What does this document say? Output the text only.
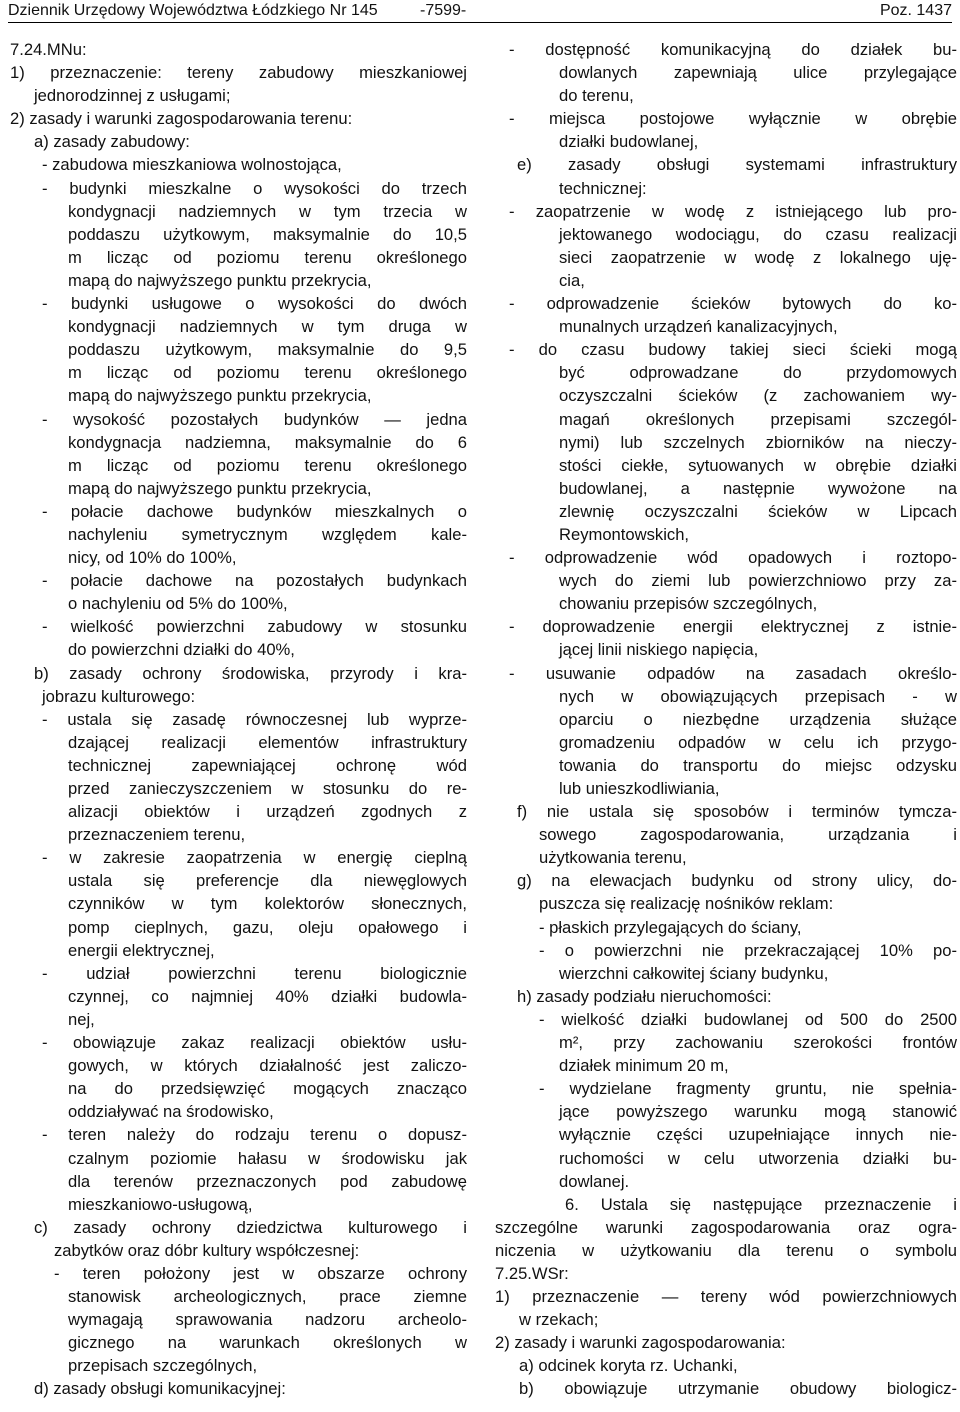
Dziennik Urzędowy Województwa Łódzkiego Nr 145	-7599-	Poz. 1437
7.24.MNu:
1) przeznaczenie: tereny zabudowy mieszkaniowej
jednorodzinnej z usługami;
2) zasady i warunki zagospodarowania terenu:
a) zasady zabudowy:
- zabudowa mieszkaniowa wolnostojąca,
- budynki mieszkalne o wysokości do trzech
kondygnacji nadziemnych w tym trzecia w
poddaszu użytkowym, maksymalnie do 10,5
m licząc od poziomu terenu określonego
mapą do najwyższego punktu przekrycia,
- budynki usługowe o wysokości do dwóch
kondygnacji nadziemnych w tym druga w
poddaszu użytkowym, maksymalnie do 9,5
m licząc od poziomu terenu określonego
mapą do najwyższego punktu przekrycia,
- wysokość pozostałych budynków — jedna
kondygnacja nadziemna, maksymalnie do 6
m licząc od poziomu terenu określonego
mapą do najwyższego punktu przekrycia,
- połacie dachowe budynków mieszkalnych o
nachyleniu symetrycznym względem kale-
nicy, od 10% do 100%,
- połacie dachowe na pozostałych budynkach
o nachyleniu od 5% do 100%,
- wielkość powierzchni zabudowy w stosunku
do powierzchni działki do 40%,
b) zasady ochrony środowiska, przyrody i kra-
jobrazu kulturowego:
- ustala się zasadę równoczesnej lub wyprze-
dzającej realizacji elementów infrastruktury
technicznej zapewniającej ochronę wód
przed zanieczyszczeniem w stosunku do re-
alizacji obiektów i urządzeń zgodnych z
przeznaczeniem terenu,
- w zakresie zaopatrzenia w energię cieplną
ustala się preferencje dla niewęglowych
czynników w tym kolektorów słonecznych,
pomp cieplnych, gazu, oleju opałowego i
energii elektrycznej,
- udział powierzchni terenu biologicznie
czynnej, co najmniej 40% działki budowla-
nej,
- obowiązuje zakaz realizacji obiektów usłu-
gowych, w których działalność jest zaliczo-
na do przedsięwzięć mogących znacząco
oddziaływać na środowisko,
- teren należy do rodzaju terenu o dopusz-
czalnym poziomie hałasu w środowisku jak
dla terenów przeznaczonych pod zabudowę
mieszkaniowo-usługową,
c) zasady ochrony dziedzictwa kulturowego i
zabytków oraz dóbr kultury współczesnej:
- teren położony jest w obszarze ochrony
stanowisk archeologicznych, prace ziemne
wymagają sprawowania nadzoru archeolo-
gicznego na warunkach określonych w
przepisach szczególnych,
d) zasady obsługi komunikacyjnej:
- dostępność komunikacyjną do działek bu-
dowlanych zapewniają ulice przylegające
do terenu,
- miejsca postojowe wyłącznie w obrębie
działki budowlanej,
e) zasady obsługi systemami infrastruktury
technicznej:
- zaopatrzenie w wodę z istniejącego lub pro-
jektowanego wodociągu, do czasu realizacji
sieci zaopatrzenie w wodę z lokalnego uję-
cia,
- odprowadzenie ścieków bytowych do ko-
munalnych urządzeń kanalizacyjnych,
- do czasu budowy takiej sieci ścieki mogą
być odprowadzane do przydomowych
oczyszczalni ścieków (z zachowaniem wy-
magań określonych przepisami szczegól-
nymi) lub szczelnych zbiorników na nieczy-
stości ciekłe, sytuowanych w obrębie działki
budowlanej, a następnie wywożone na
zlewnię oczyszczalni ścieków w Lipcach
Reymontowskich,
- odprowadzenie wód opadowych i roztopo-
wych do ziemi lub powierzchniowo przy za-
chowaniu przepisów szczególnych,
- doprowadzenie energii elektrycznej z istnie-
jącej linii niskiego napięcia,
- usuwanie odpadów na zasadach określo-
nych w obowiązujących przepisach - w
oparciu o niezbędne urządzenia służące
gromadzeniu odpadów w celu ich przygo-
towania do transportu do miejsc odzysku
lub unieszkodliwiania,
f) nie ustala się sposobów i terminów tymcza-
sowego zagospodarowania, urządzania i
użytkowania terenu,
g) na elewacjach budynku od strony ulicy, do-
puszcza się realizację nośników reklam:
- płaskich przylegających do ściany,
- o powierzchni nie przekraczającej 10% po-
wierzchni całkowitej ściany budynku,
h) zasady podziału nieruchomości:
- wielkość działki budowlanej od 500 do 2500
m², przy zachowaniu szerokości frontów
działek minimum 20 m,
- wydzielane fragmenty gruntu, nie spełnia-
jące powyższego warunku mogą stanowić
wyłącznie części uzupełniające innych nie-
ruchomości w celu utworzenia działki bu-
dowlanej.
6. Ustala się następujące przeznaczenie i
szczególne warunki zagospodarowania oraz ogra-
niczenia w użytkowaniu dla terenu o symbolu
7.25.WSr:
1) przeznaczenie — tereny wód powierzchniowych
w rzekach;
2) zasady i warunki zagospodarowania:
a) odcinek koryta rz. Uchanki,
b) obowiązuje utrzymanie obudowy biologicz-
